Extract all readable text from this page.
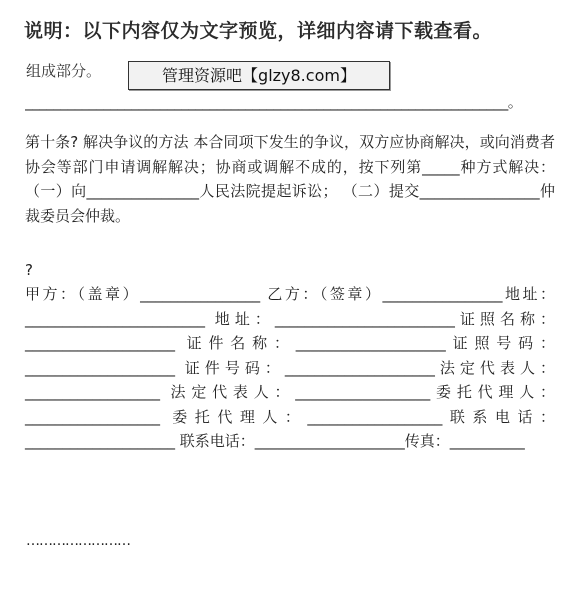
说明：以下内容仅为文字预览，详细内容请下载查看。
组成部分。	管理资源吧【glzy8.com】
____________________________________________________________________。
第十条? 解决争议的方法 本合同项下发生的争议，双方应协商解决，或向消费者协会等部门申请调解解决；协商或调解不成的，按下列第_____种方式解决： （一）向_______________人民法院提起诉讼； （二）提交________________仲裁委员会仲裁。
?
甲方：（盖章）________________ 乙方：（签章）________________地址：________________________ 地址：________________________证照名称：____________________ 证件名称：____________________证照号码：____________________ 证件号码：____________________法定代表人：__________________ 法定代表人：__________________委托代理人：__________________ 委托代理人：__________________联系电话：____________________ 联系电话：____________________传真：__________
……………………
